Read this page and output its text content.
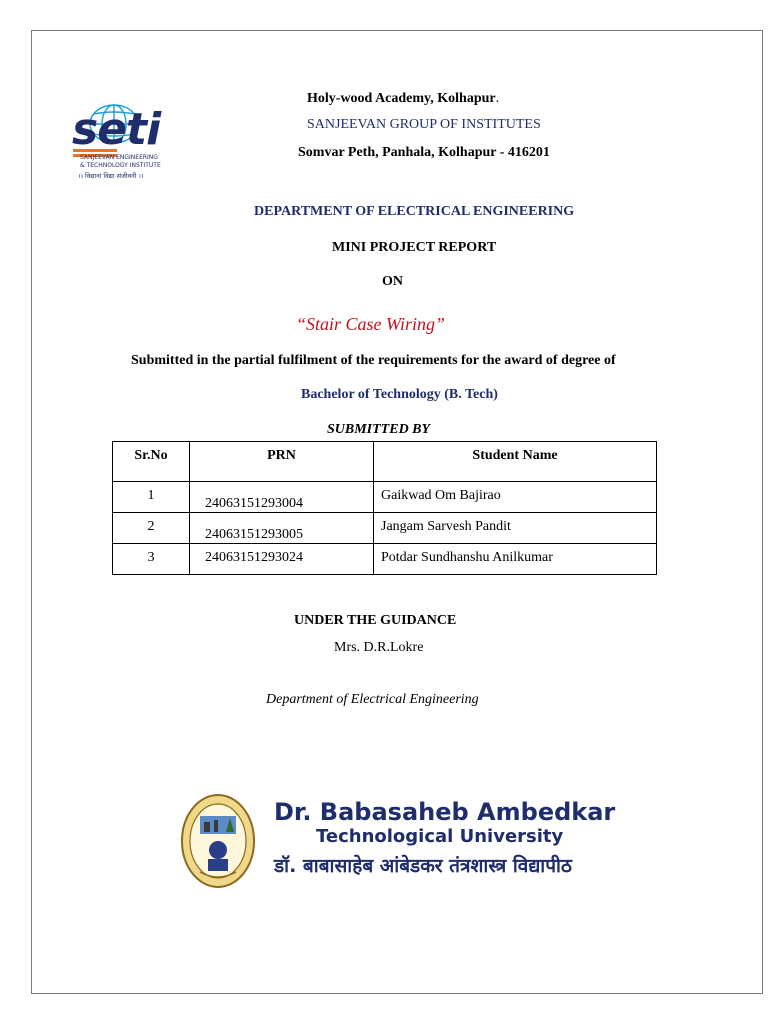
seti
SANJEEVAN ENGINEERING
& TECHNOLOGY INSTITUTE
।। विद्यानां विद्या संजीवनी ।।
Holy-wood Academy, Kolhapur.
SANJEEVAN GROUP OF INSTITUTES
Somvar Peth, Panhala, Kolhapur - 416201
DEPARTMENT OF ELECTRICAL ENGINEERING
MINI PROJECT REPORT
ON
“Stair Case Wiring”
Submitted in the partial fulfilment of the requirements for the award of degree of
Bachelor of Technology (B. Tech)
SUBMITTED BY
Sr.No	PRN	Student Name
1	24063151293004	Gaikwad Om Bajirao
2	24063151293005	Jangam Sarvesh Pandit
3	24063151293024	Potdar Sundhanshu Anilkumar
UNDER THE GUIDANCE
Mrs. D.R.Lokre
Department of Electrical Engineering
Dr. Babasaheb Ambedkar
Technological University
डॉ. बाबासाहेब आंबेडकर तंत्रशास्त्र विद्यापीठ
